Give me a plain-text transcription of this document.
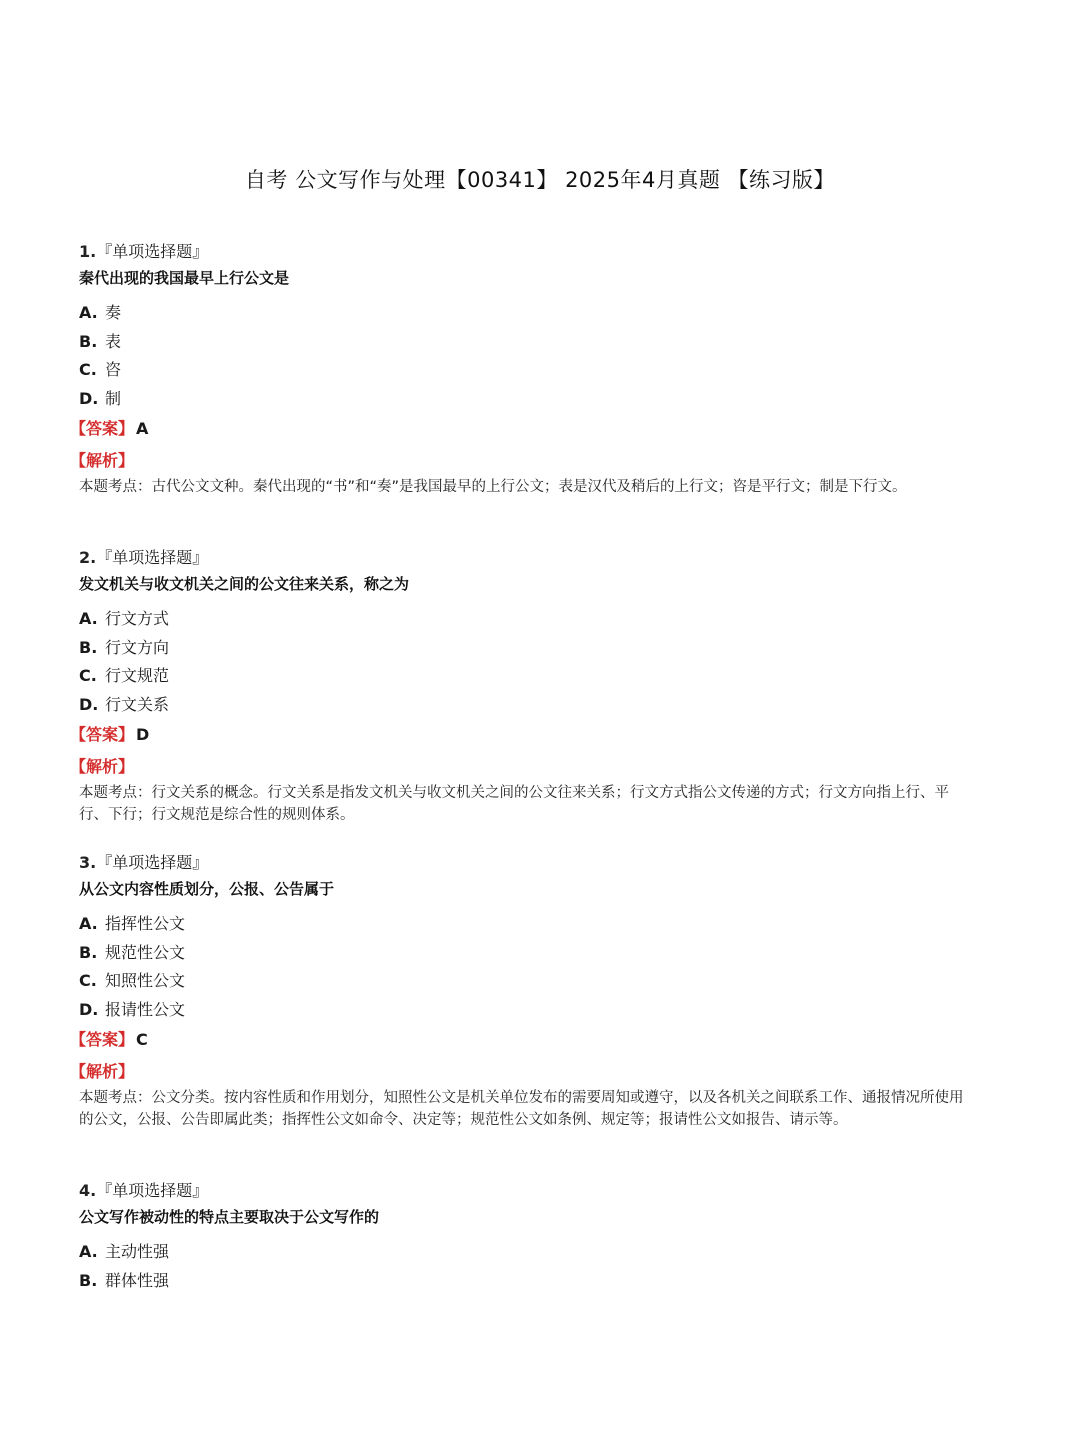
自考 公文写作与处理【00341】 2025年4月真题 【练习版】
1.『单项选择题』
秦代出现的我国最早上行公文是
A. 奏
B. 表
C. 咨
D. 制
【答案】 A
【解析】
本题考点：古代公文文种。秦代出现的“书”和“奏”是我国最早的上行公文；表是汉代及稍后的上行文；咨是平行文；制是下行文。
2.『单项选择题』
发文机关与收文机关之间的公文往来关系，称之为
A. 行文方式
B. 行文方向
C. 行文规范
D. 行文关系
【答案】 D
【解析】
本题考点：行文关系的概念。行文关系是指发文机关与收文机关之间的公文往来关系；行文方式指公文传递的方式；行文方向指上行、平行、下行；行文规范是综合性的规则体系。
3.『单项选择题』
从公文内容性质划分，公报、公告属于
A. 指挥性公文
B. 规范性公文
C. 知照性公文
D. 报请性公文
【答案】 C
【解析】
本题考点：公文分类。按内容性质和作用划分，知照性公文是机关单位发布的需要周知或遵守，以及各机关之间联系工作、通报情况所使用的公文，公报、公告即属此类；指挥性公文如命令、决定等；规范性公文如条例、规定等；报请性公文如报告、请示等。
4.『单项选择题』
公文写作被动性的特点主要取决于公文写作的
A. 主动性强
B. 群体性强
